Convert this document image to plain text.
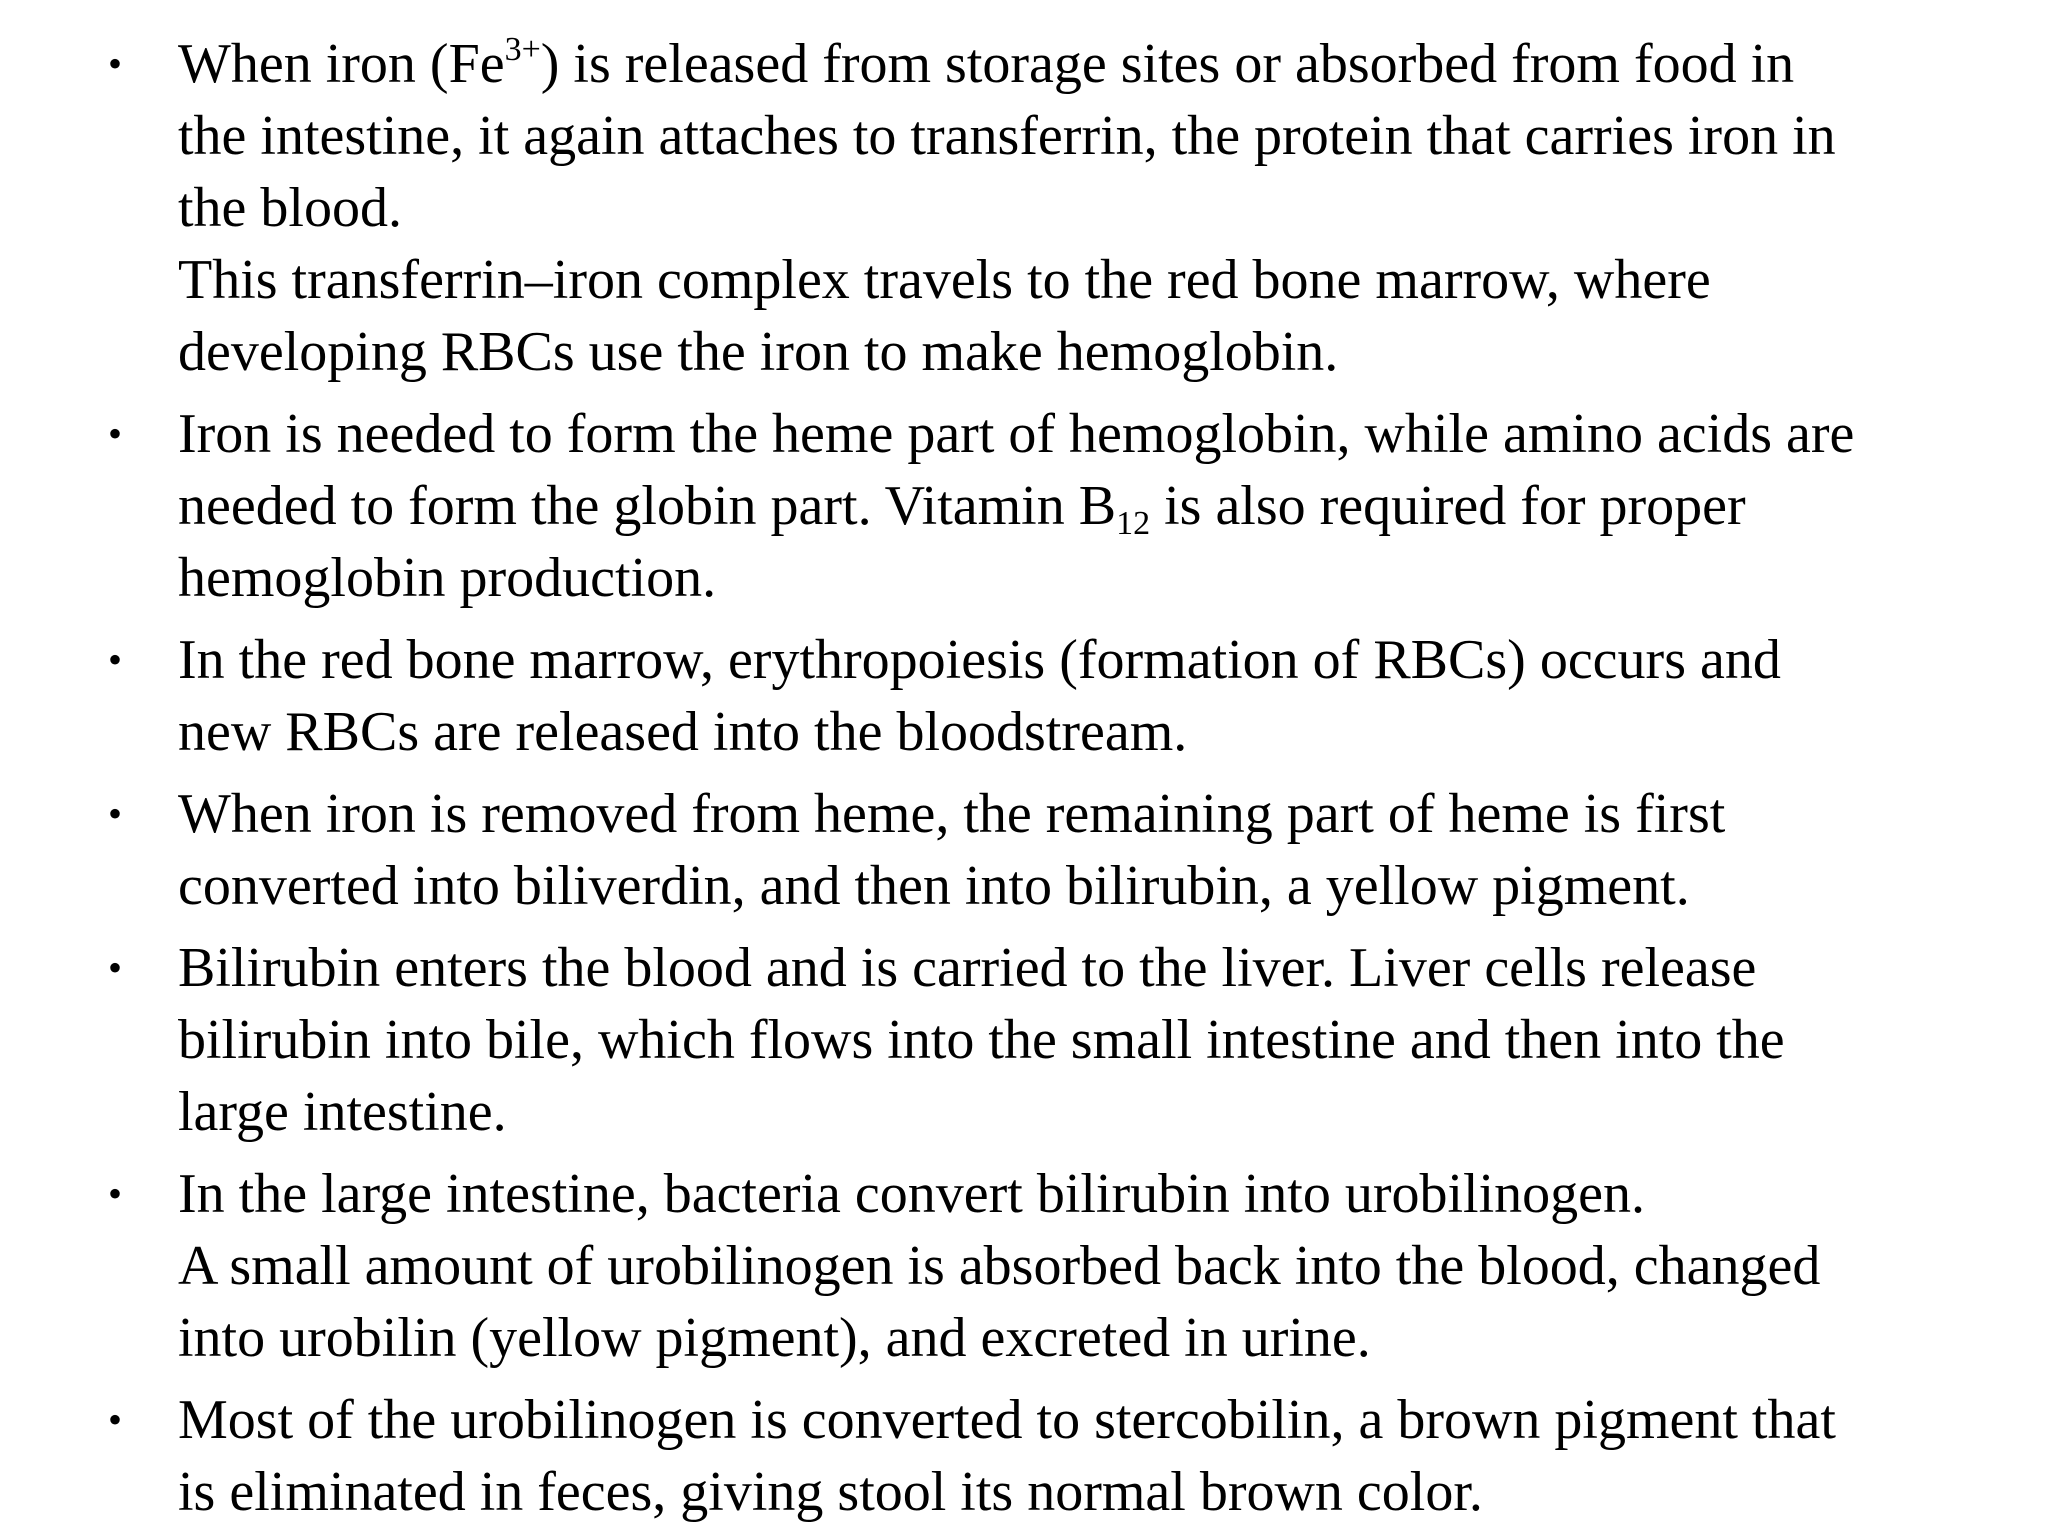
• When iron $(Fe^{3+})$ is released from storage sites or absorbed from food in
the intestine, it again attaches to transferrin, the protein that carries iron in
the blood.
This transferrin–iron complex travels to the red bone marrow, where
developing RBCs use the iron to make hemoglobin.
• Iron is needed to form the heme part of hemoglobin, while amino acids are
needed to form the globin part. Vitamin $B_{12}$ is also required for proper
hemoglobin production.
• In the red bone marrow, erythropoiesis (formation of RBCs) occurs and
new RBCs are released into the bloodstream.
• When iron is removed from heme, the remaining part of heme is first
converted into biliverdin, and then into bilirubin, a yellow pigment.
• Bilirubin enters the blood and is carried to the liver. Liver cells release
bilirubin into bile, which flows into the small intestine and then into the
large intestine.
• In the large intestine, bacteria convert bilirubin into urobilinogen.
A small amount of urobilinogen is absorbed back into the blood, changed
into urobilin (yellow pigment), and excreted in urine.
• Most of the urobilinogen is converted to stercobilin, a brown pigment that
is eliminated in feces, giving stool its normal brown color.
